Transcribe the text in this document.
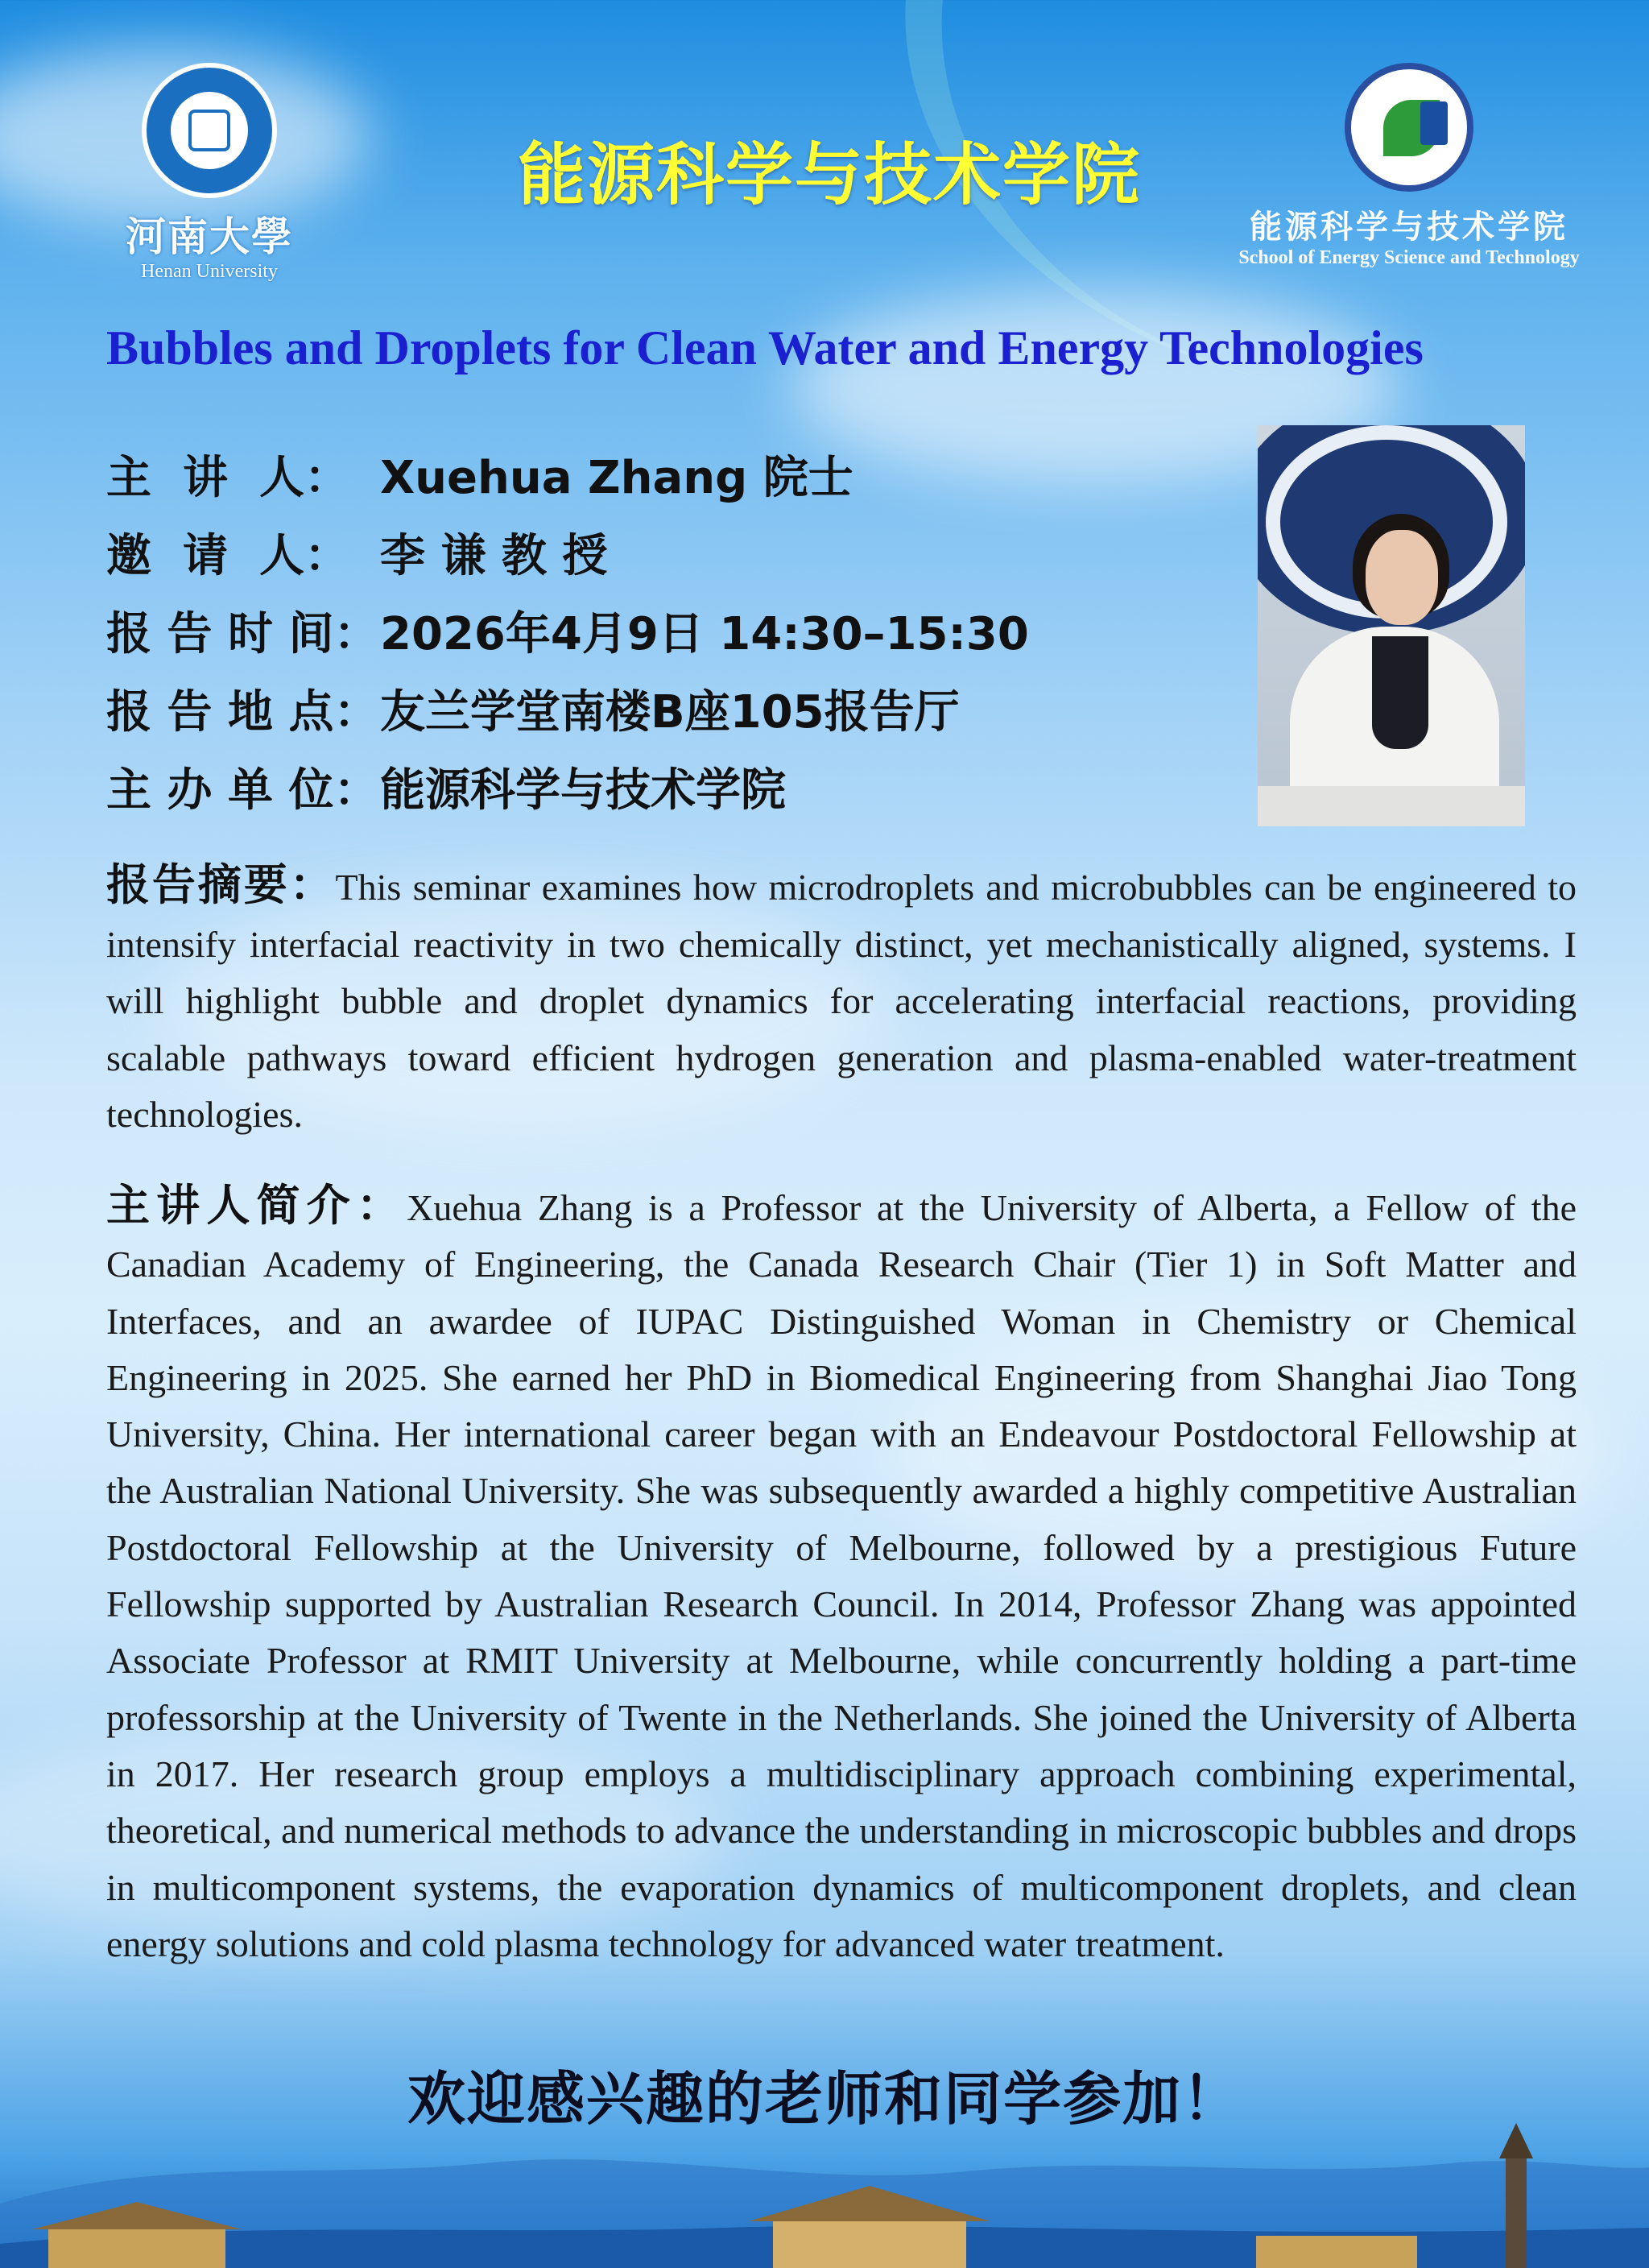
河南大學
Henan University
能源科学与技术学院
能源科学与技术学院
School of Energy Science and Technology
Bubbles and Droplets for Clean Water and Energy Technologies
主  讲  人： Xuehua Zhang 院士
邀  请  人： 李 谦 教 授
报 告 时 间：2026年4月9日 14:30–15:30
报 告 地 点：友兰学堂南楼B座105报告厅
主 办 单 位：能源科学与技术学院
报告摘要：This seminar examines how microdroplets and microbubbles can be engineered to intensify interfacial reactivity in two chemically distinct, yet mechanistically aligned, systems. I will highlight bubble and droplet dynamics for accelerating interfacial reactions, providing scalable pathways toward efficient hydrogen generation and plasma-enabled water-treatment technologies.
主讲人简介：Xuehua Zhang is a Professor at the University of Alberta, a Fellow of the Canadian Academy of Engineering, the Canada Research Chair (Tier 1) in Soft Matter and Interfaces, and an awardee of IUPAC Distinguished Woman in Chemistry or Chemical Engineering in 2025. She earned her PhD in Biomedical Engineering from Shanghai Jiao Tong University, China. Her international career began with an Endeavour Postdoctoral Fellowship at the Australian National University. She was subsequently awarded a highly competitive Australian Postdoctoral Fellowship at the University of Melbourne, followed by a prestigious Future Fellowship supported by Australian Research Council. In 2014, Professor Zhang was appointed Associate Professor at RMIT University at Melbourne, while concurrently holding a part-time professorship at the University of Twente in the Netherlands. She joined the University of Alberta in 2017. Her research group employs a multidisciplinary approach combining experimental, theoretical, and numerical methods to advance the understanding in microscopic bubbles and drops in multicomponent systems, the evaporation dynamics of multicomponent droplets, and clean energy solutions and cold plasma technology for advanced water treatment.
欢迎感兴趣的老师和同学参加！
